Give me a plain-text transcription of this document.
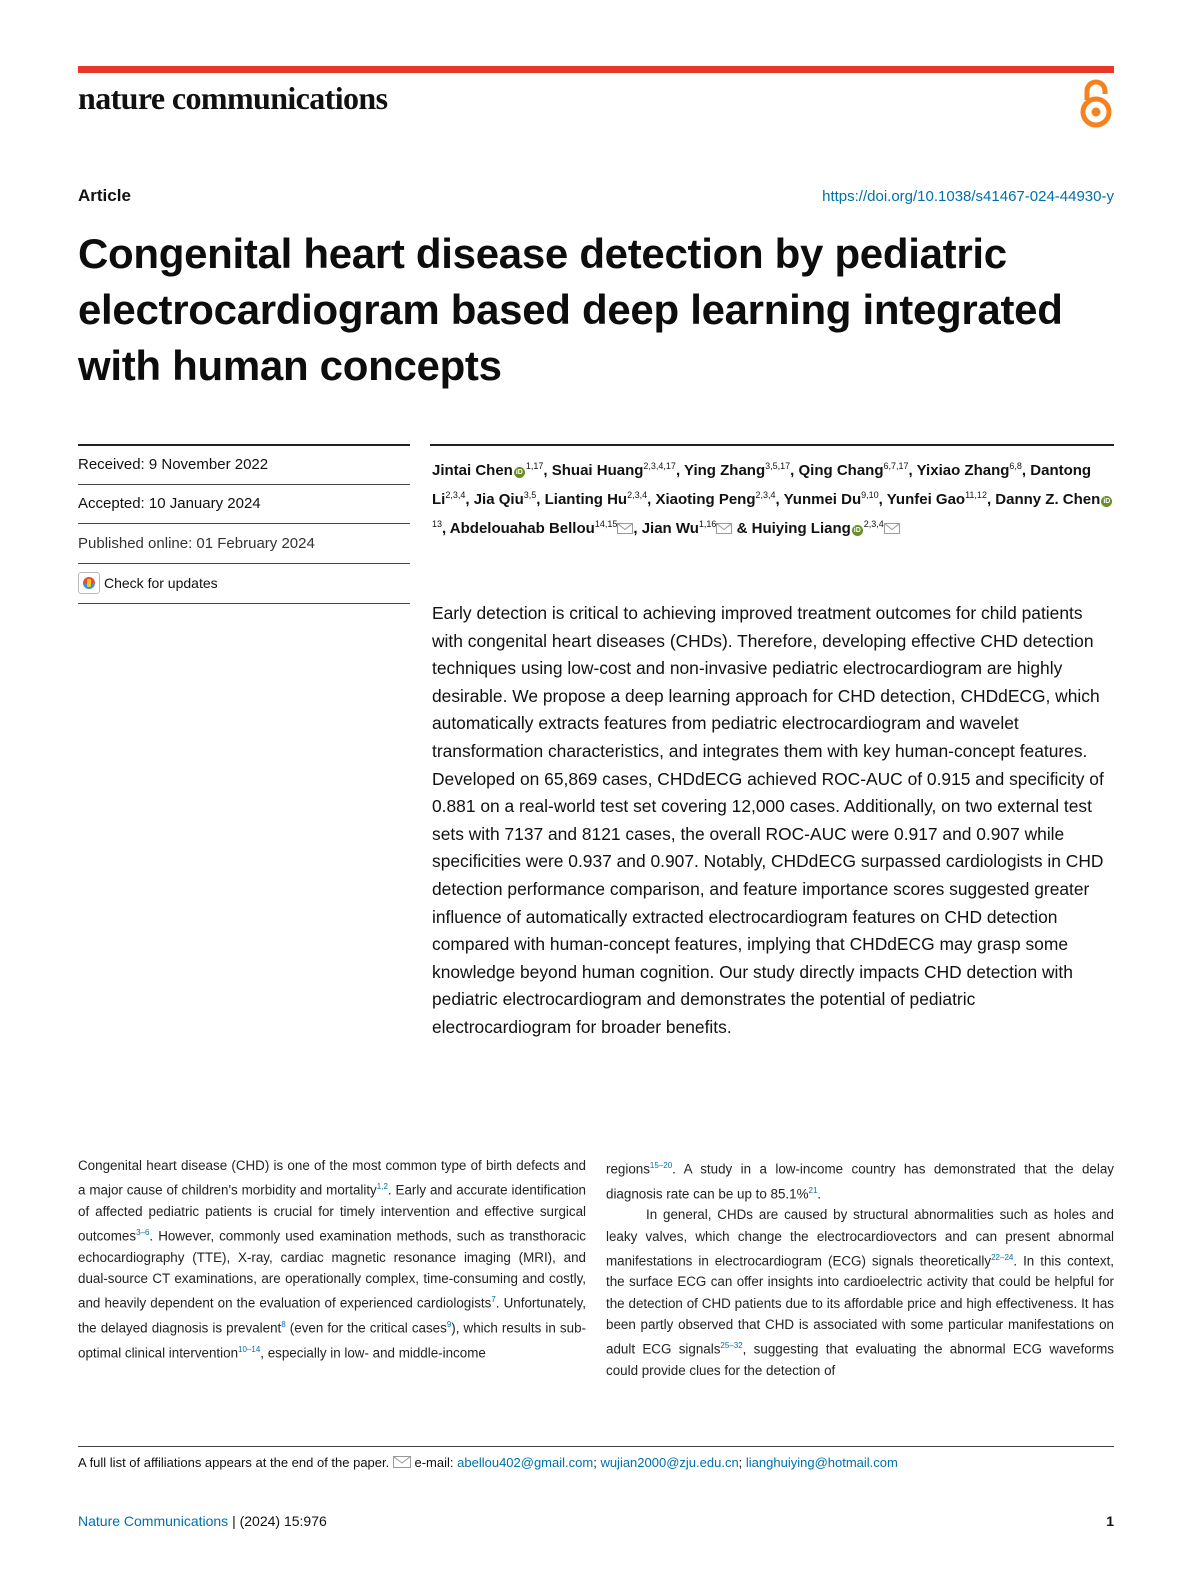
nature communications
Article	https://doi.org/10.1038/s41467-024-44930-y
Congenital heart disease detection by pediatric electrocardiogram based deep learning integrated with human concepts
Received: 9 November 2022
Accepted: 10 January 2024
Published online: 01 February 2024
Check for updates

Jintai Chen iD$^{1,17}$, Shuai Huang$^{2,3,4,17}$, Ying Zhang$^{3,5,17}$, Qing Chang$^{6,7,17}$, Yixiao Zhang$^{6,8}$, Dantong Li$^{2,3,4}$, Jia Qiu$^{3,5}$, Lianting Hu$^{2,3,4}$, Xiaoting Peng$^{2,3,4}$, Yunmei Du$^{9,10}$, Yunfei Gao$^{11,12}$, Danny Z. Chen $iD^{13}$, Abdelouahab Bellou$^{14,15}$ , Jian Wu$^{1,16}$ & Huiying Liang iD$^{2,3,4}$

Early detection is critical to achieving improved treatment outcomes for child patients with congenital heart diseases (CHDs). Therefore, developing effective CHD detection techniques using low-cost and non-invasive pediatric electrocardiogram are highly desirable. We propose a deep learning approach for CHD detection, CHDdECG, which automatically extracts features from pediatric electrocardiogram and wavelet transformation characteristics, and integrates them with key human-concept features. Developed on 65,869 cases, CHDdECG achieved ROC-AUC of 0.915 and specificity of 0.881 on a real-world test set covering 12,000 cases. Additionally, on two external test sets with 7137 and 8121 cases, the overall ROC-AUC were 0.917 and 0.907 while specificities were 0.937 and 0.907. Notably, CHDdECG surpassed cardiologists in CHD detection performance comparison, and feature importance scores suggested greater influence of automatically extracted electrocardiogram features on CHD detection compared with human-concept features, implying that CHDdECG may grasp some knowledge beyond human cognition. Our study directly impacts CHD detection with pediatric electrocardiogram and demonstrates the potential of pediatric electrocardiogram for broader benefits.

Congenital heart disease (CHD) is one of the most common type of birth defects and a major cause of children's morbidity and mortality$^{1,2}$. Early and accurate identification of affected pediatric patients is crucial for timely intervention and effective surgical outcomes$^{3-6}$. However, commonly used examination methods, such as transthoracic echocardiography (TTE), X-ray, cardiac magnetic resonance imaging (MRI), and dual-source CT examinations, are operationally complex, time-consuming and costly, and heavily dependent on the evaluation of experienced cardiologists$^7$. Unfortunately, the delayed diagnosis is prevalent$^8$ (even for the critical cases$^9$), which results in sub-optimal clinical intervention$^{10-14}$, especially in low- and middle-income

regions$^{15-20}$. A study in a low-income country has demonstrated that the delay diagnosis rate can be up to 85.1%$^{21}$.

In general, CHDs are caused by structural abnormalities such as holes and leaky valves, which change the electrocardiovectors and can present abnormal manifestations in electrocardiogram (ECG) signals theoretically$^{22-24}$. In this context, the surface ECG can offer insights into cardioelectric activity that could be helpful for the detection of CHD patients due to its affordable price and high effectiveness. It has been partly observed that CHD is associated with some particular manifestations on adult ECG signals$^{25-32}$, suggesting that evaluating the abnormal ECG waveforms could provide clues for the detection of

A full list of affiliations appears at the end of the paper. e-mail: abellou402@gmail.com; wujian2000@zju.edu.cn; lianghuiying@hotmail.com
Nature Communications | (2024) 15:976	1
